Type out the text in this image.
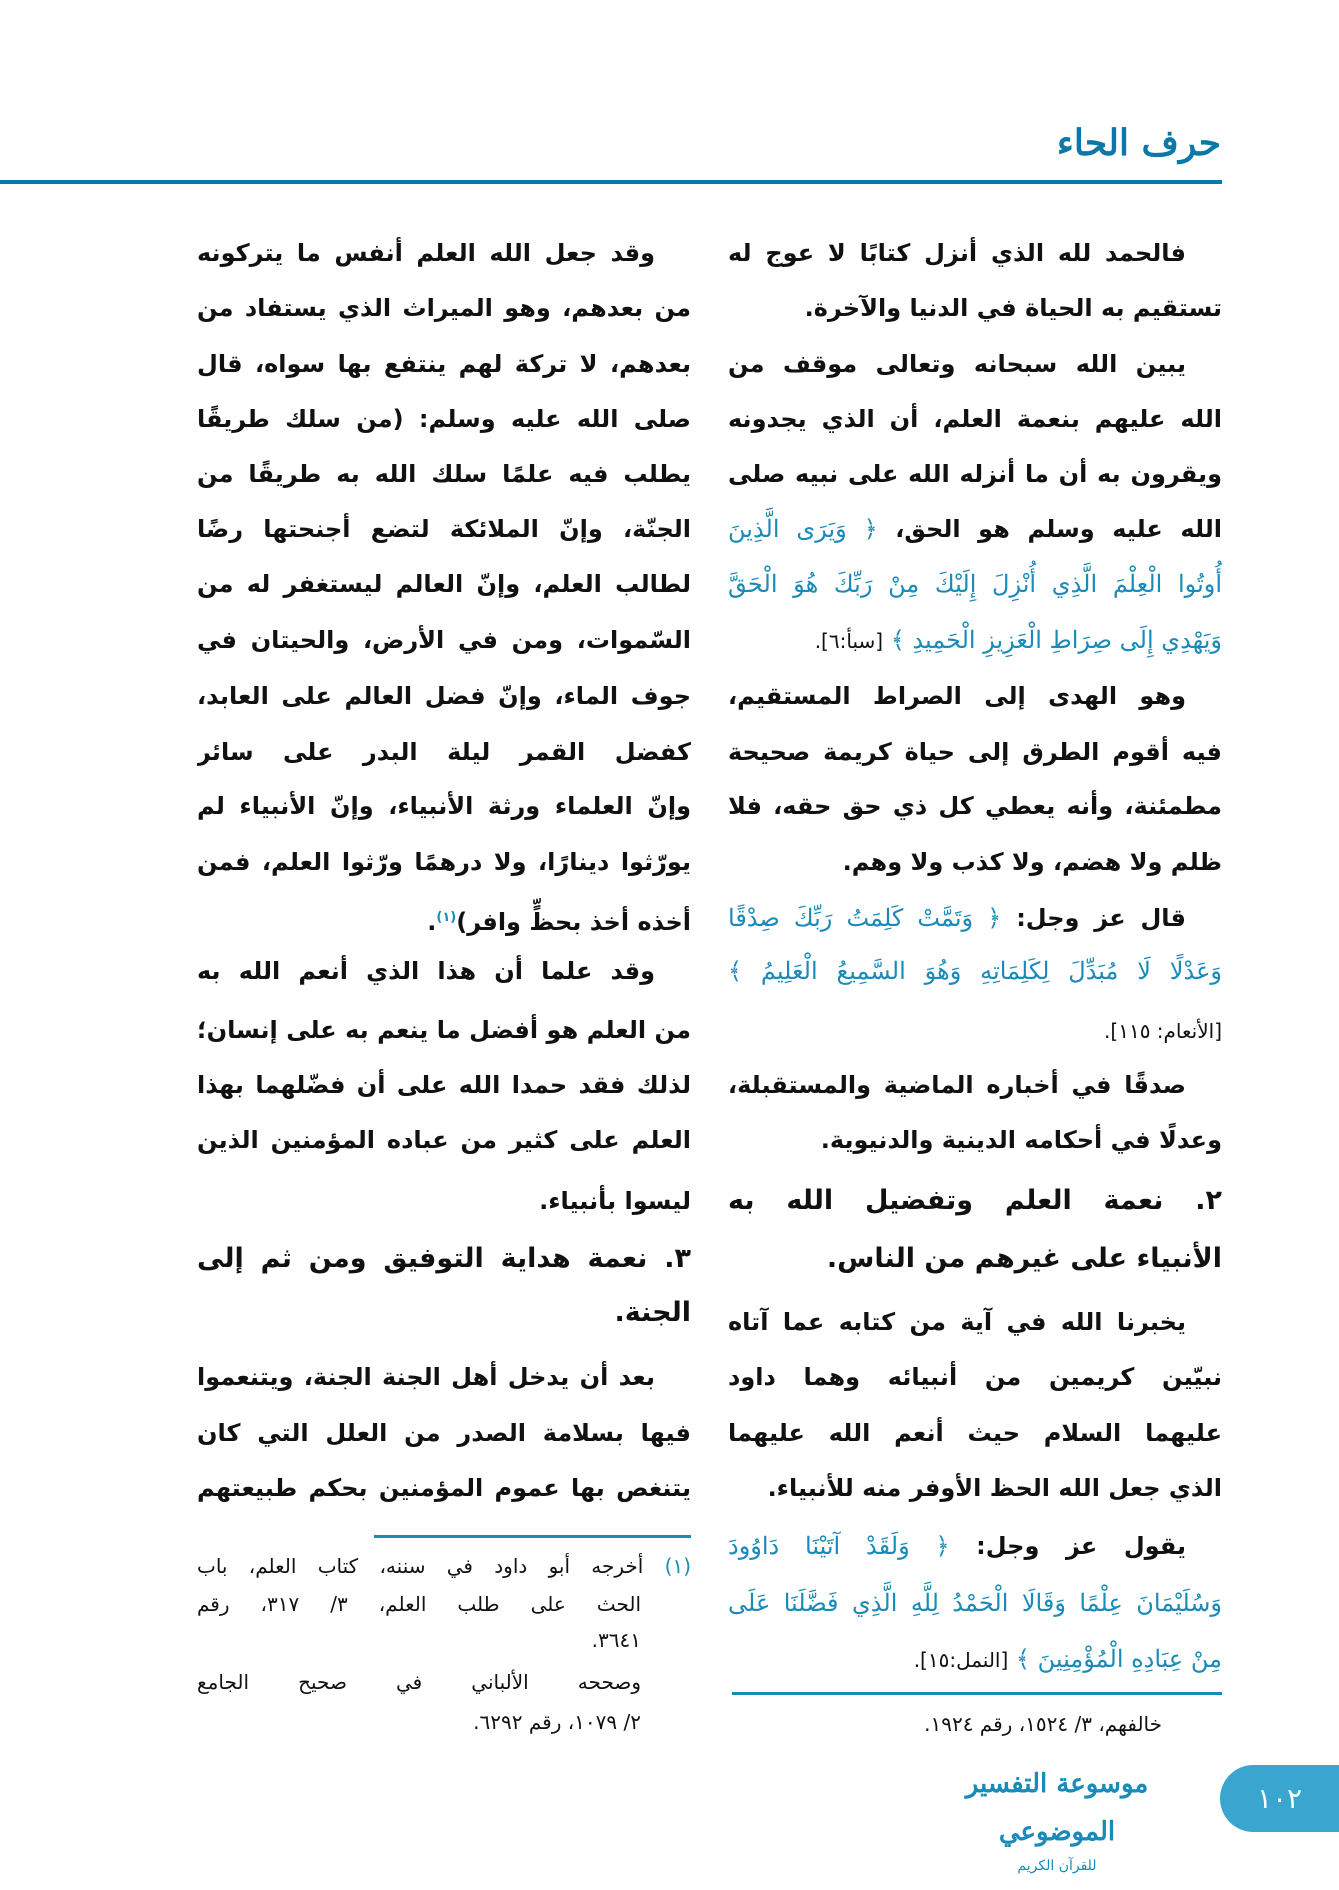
حرف الحاء
فالحمد لله الذي أنزل كتابًا لا عوج له
تستقيم به الحياة في الدنيا والآخرة.
يبين الله سبحانه وتعالى موقف من
الله عليهم بنعمة العلم، أن الذي يجدونه
ويقرون به أن ما أنزله الله على نبيه صلى
الله عليه وسلم هو الحق، ﴿ وَيَرَى الَّذِينَ
أُوتُوا الْعِلْمَ الَّذِي أُنْزِلَ إِلَيْكَ مِنْ رَبِّكَ هُوَ الْحَقَّ
وَيَهْدِي إِلَى صِرَاطِ الْعَزِيزِ الْحَمِيدِ ﴾ [سبأ:٦].
وهو الهدى إلى الصراط المستقيم،
فيه أقوم الطرق إلى حياة كريمة صحيحة
مطمئنة، وأنه يعطي كل ذي حق حقه، فلا
ظلم ولا هضم، ولا كذب ولا وهم.
قال عز وجل: ﴿ وَتَمَّتْ كَلِمَتُ رَبِّكَ صِدْقًا
وَعَدْلًا لَا مُبَدِّلَ لِكَلِمَاتِهِ وَهُوَ السَّمِيعُ الْعَلِيمُ ﴾
[الأنعام: ١١٥].
صدقًا في أخباره الماضية والمستقبلة،
وعدلًا في أحكامه الدينية والدنيوية.
٢. نعمة العلم وتفضيل الله به
الأنبياء على غيرهم من الناس.
يخبرنا الله في آية من كتابه عما آتاه
نبيّين كريمين من أنبيائه وهما داود
عليهما السلام حيث أنعم الله عليهما
الذي جعل الله الحظ الأوفر منه للأنبياء.
يقول عز وجل: ﴿ وَلَقَدْ آتَيْنَا دَاوُودَ
وَسُلَيْمَانَ عِلْمًا وَقَالَا الْحَمْدُ لِلَّهِ الَّذِي فَضَّلَنَا عَلَى
مِنْ عِبَادِهِ الْمُؤْمِنِينَ ﴾ [النمل:١٥].
خالفهم، ٣/ ١٥٢٤، رقم ١٩٢٤.
وقد جعل الله العلم أنفس ما يتركونه
من بعدهم، وهو الميراث الذي يستفاد من
بعدهم، لا تركة لهم ينتفع بها سواه، قال
صلى الله عليه وسلم: (من سلك طريقًا
يطلب فيه علمًا سلك الله به طريقًا من
الجنّة، وإنّ الملائكة لتضع أجنحتها رضًا
لطالب العلم، وإنّ العالم ليستغفر له من
السّموات، ومن في الأرض، والحيتان في
جوف الماء، وإنّ فضل العالم على العابد،
كفضل القمر ليلة البدر على سائر
وإنّ العلماء ورثة الأنبياء، وإنّ الأنبياء لم
يورّثوا دينارًا، ولا درهمًا ورّثوا العلم، فمن
أخذه أخذ بحظٍّ وافر)$^{(١)}$.
وقد علما أن هذا الذي أنعم الله به
من العلم هو أفضل ما ينعم به على إنسان؛
لذلك فقد حمدا الله على أن فضّلهما بهذا
العلم على كثير من عباده المؤمنين الذين
ليسوا بأنبياء.
٣. نعمة هداية التوفيق ومن ثم إلى
الجنة.
بعد أن يدخل أهل الجنة الجنة، ويتنعموا
فيها بسلامة الصدر من العلل التي كان
يتنغص بها عموم المؤمنين بحكم طبيعتهم
(١) أخرجه أبو داود في سننه، كتاب العلم، باب
الحث على طلب العلم، ٣/ ٣١٧، رقم
٣٦٤١.
وصححه الألباني في صحيح الجامع
٢/ ١٠٧٩، رقم ٦٢٩٢.
موسوعة التفسير الموضوعي
للقرآن الكريم
١٠٢
